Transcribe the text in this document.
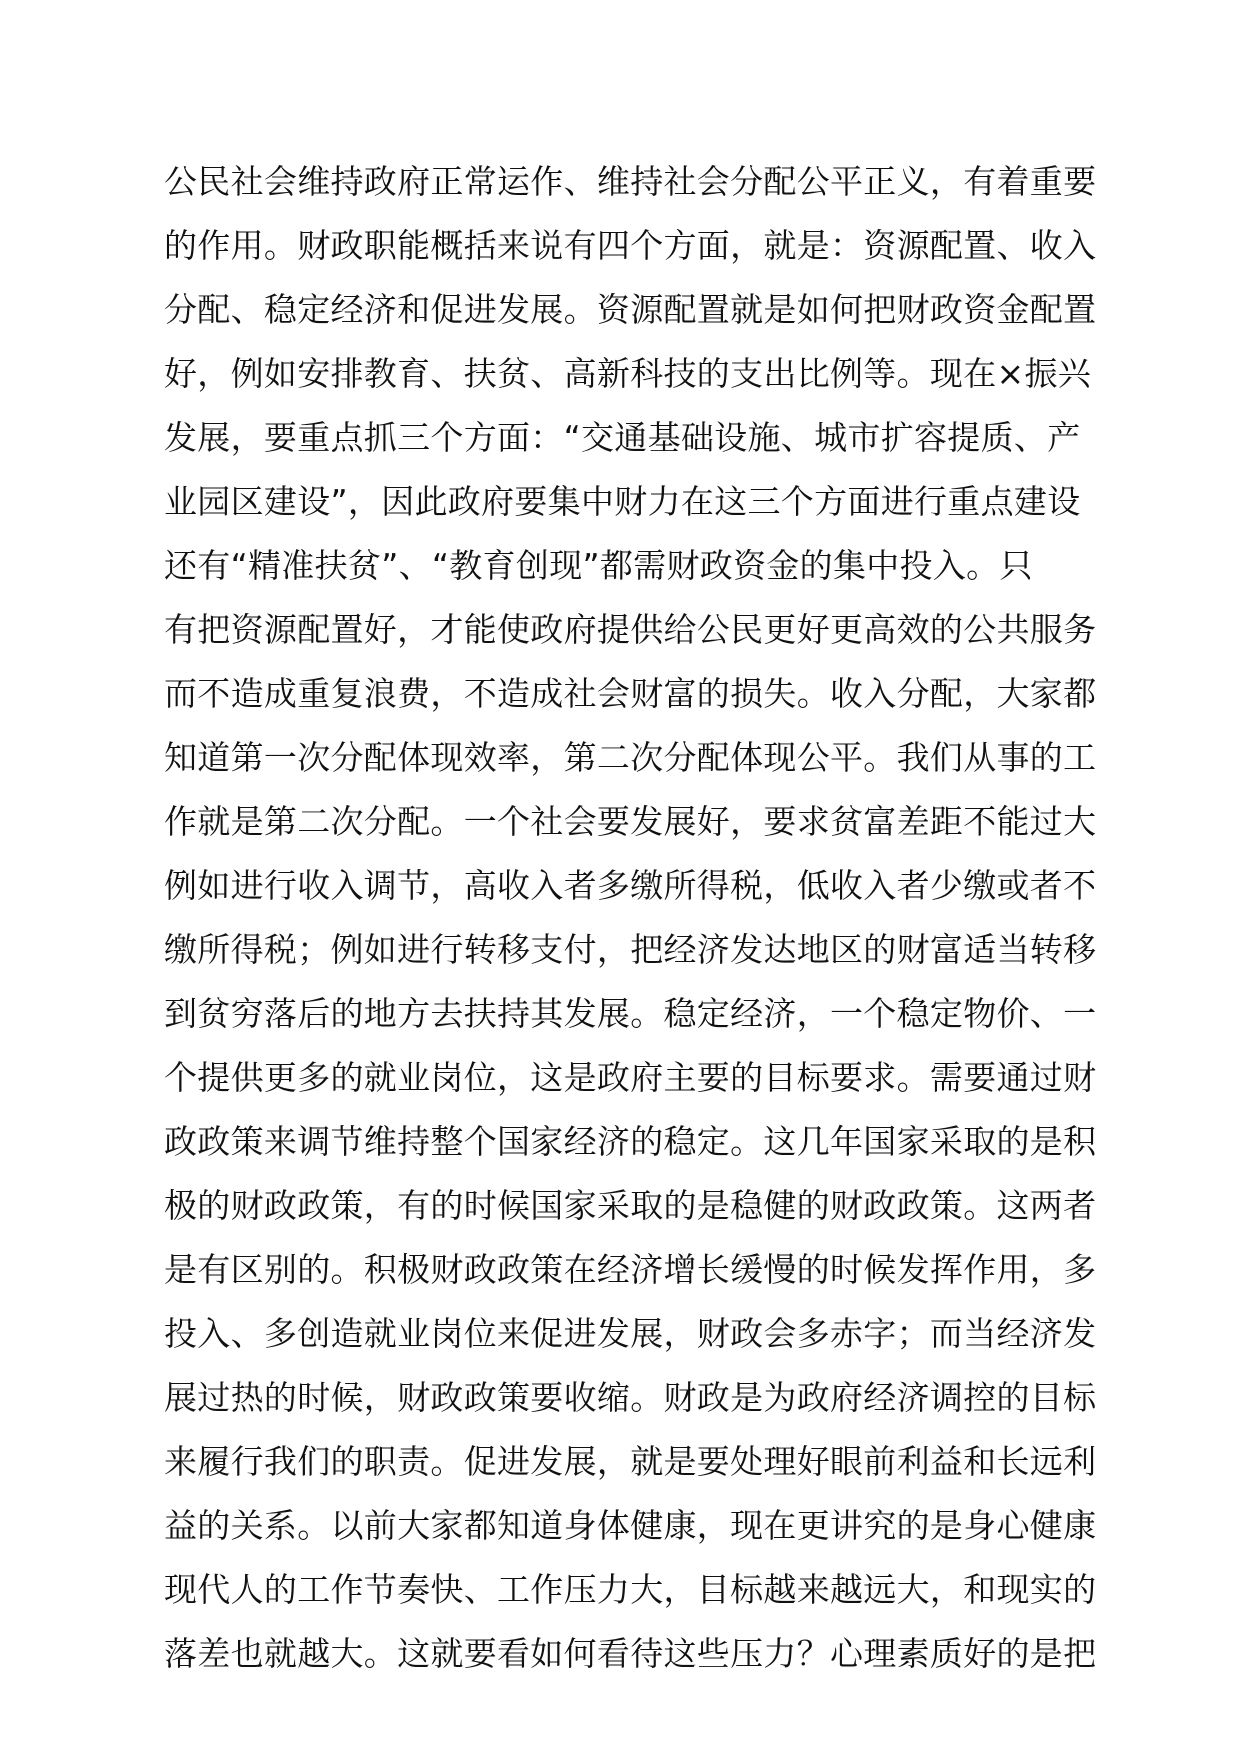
公民社会维持政府正常运作、维持社会分配公平正义，有着重要
的作用。财政职能概括来说有四个方面，就是：资源配置、收入
分配、稳定经济和促进发展。资源配置就是如何把财政资金配置
好，例如安排教育、扶贫、高新科技的支出比例等。现在×振兴
发展，要重点抓三个方面：“交通基础设施、城市扩容提质、产
业园区建设”，因此政府要集中财力在这三个方面进行重点建设
还有“精准扶贫”、“教育创现”都需财政资金的集中投入。只
有把资源配置好，才能使政府提供给公民更好更高效的公共服务
而不造成重复浪费，不造成社会财富的损失。收入分配，大家都
知道第一次分配体现效率，第二次分配体现公平。我们从事的工
作就是第二次分配。一个社会要发展好，要求贫富差距不能过大
例如进行收入调节，高收入者多缴所得税，低收入者少缴或者不
缴所得税；例如进行转移支付，把经济发达地区的财富适当转移
到贫穷落后的地方去扶持其发展。稳定经济，一个稳定物价、一
个提供更多的就业岗位，这是政府主要的目标要求。需要通过财
政政策来调节维持整个国家经济的稳定。这几年国家采取的是积
极的财政政策，有的时候国家采取的是稳健的财政政策。这两者
是有区别的。积极财政政策在经济增长缓慢的时候发挥作用，多
投入、多创造就业岗位来促进发展，财政会多赤字；而当经济发
展过热的时候，财政政策要收缩。财政是为政府经济调控的目标
来履行我们的职责。促进发展，就是要处理好眼前利益和长远利
益的关系。以前大家都知道身体健康，现在更讲究的是身心健康
现代人的工作节奏快、工作压力大，目标越来越远大，和现实的
落差也就越大。这就要看如何看待这些压力？心理素质好的是把
